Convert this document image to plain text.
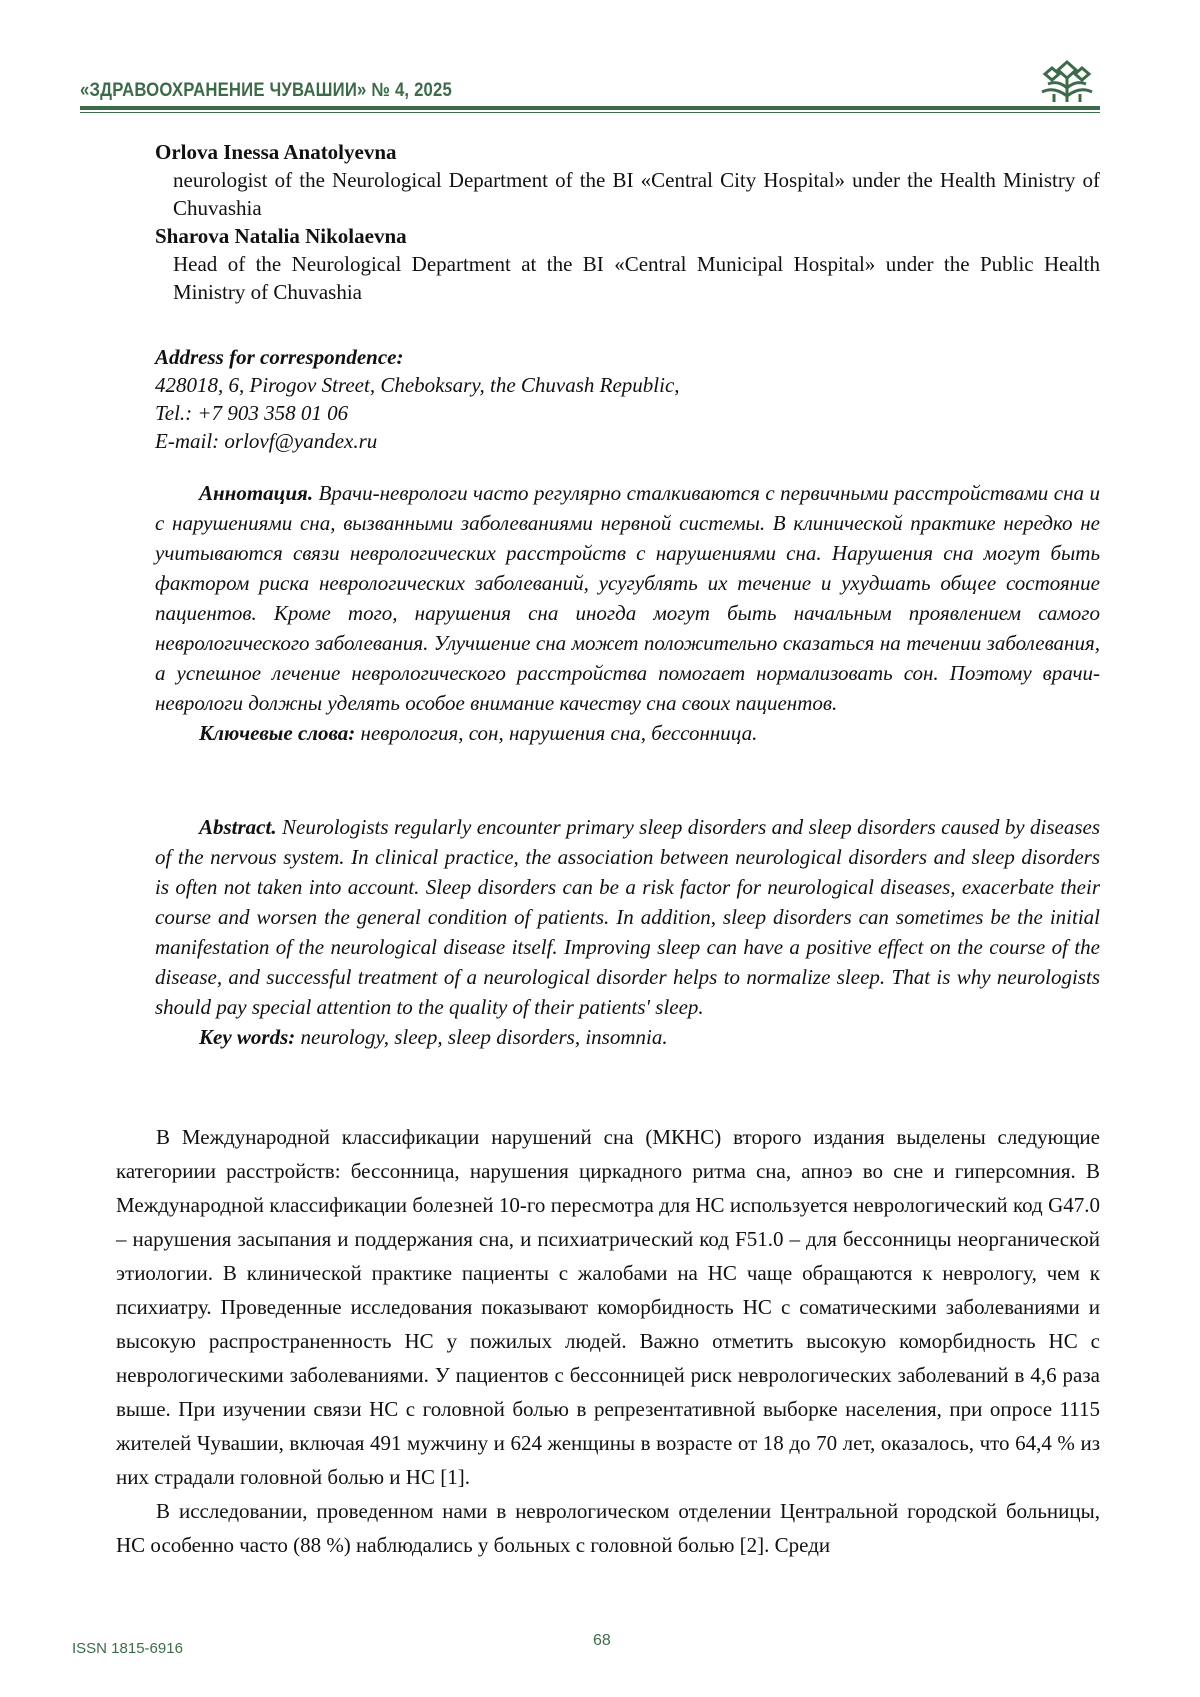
«ЗДРАВООХРАНЕНИЕ ЧУВАШИИ» № 4, 2025
Orlova Inessa Anatolyevna
neurologist of the Neurological Department of the BI «Central City Hospital» under the Health Ministry of Chuvashia
Sharova Natalia Nikolaevna
Head of the Neurological Department at the BI «Central Municipal Hospital» under the Public Health Ministry of Chuvashia
Address for correspondence:
428018, 6, Pirogov Street, Cheboksary, the Chuvash Republic,
Tel.: +7 903 358 01 06
E-mail: orlovf@yandex.ru

Аннотация. Врачи-неврологи часто регулярно сталкиваются с первичными расстройствами сна и с нарушениями сна, вызванными заболеваниями нервной системы. В клинической практике нередко не учитываются связи неврологических расстройств с нарушениями сна. Нарушения сна могут быть фактором риска неврологических заболеваний, усугублять их течение и ухудшать общее состояние пациентов. Кроме того, нарушения сна иногда могут быть начальным проявлением самого неврологического заболевания. Улучшение сна может положительно сказаться на течении заболевания, а успешное лечение неврологического расстройства помогает нормализовать сон. Поэтому врачи-неврологи должны уделять особое внимание качеству сна своих пациентов.

Ключевые слова: неврология, сон, нарушения сна, бессонница.

Abstract. Neurologists regularly encounter primary sleep disorders and sleep disorders caused by diseases of the nervous system. In clinical practice, the association between neurological disorders and sleep disorders is often not taken into account. Sleep disorders can be a risk factor for neurological diseases, exacerbate their course and worsen the general condition of patients. In addition, sleep disorders can sometimes be the initial manifestation of the neurological disease itself. Improving sleep can have a positive effect on the course of the disease, and successful treatment of a neurological disorder helps to normalize sleep. That is why neurologists should pay special attention to the quality of their patients' sleep.

Key words: neurology, sleep, sleep disorders, insomnia.

В Международной классификации нарушений сна (МКНС) второго издания выделены следующие категориии расстройств: бессонница, нарушения циркадного ритма сна, апноэ во сне и гиперсомния. В Международной классификации болезней 10-го пересмотра для НС используется неврологический код G47.0 – нарушения засыпания и поддержания сна, и психиатрический код F51.0 – для бессонницы неорганической этиологии. В клинической практике пациенты с жалобами на НС чаще обращаются к неврологу, чем к психиатру. Проведенные исследования показывают коморбидность НС с соматическими заболеваниями и высокую распространенность НС у пожилых людей. Важно отметить высокую коморбидность НС с неврологическими заболеваниями. У пациентов с бессонницей риск неврологических заболеваний в 4,6 раза выше. При изучении связи НС с головной болью в репрезентативной выборке населения, при опросе 1115 жителей Чувашии, включая 491 мужчину и 624 женщины в возрасте от 18 до 70 лет, оказалось, что 64,4 % из них страдали головной болью и НС [1].

В исследовании, проведенном нами в неврологическом отделении Центральной городской больницы, НС особенно часто (88 %) наблюдались у больных с головной болью [2]. Среди

ISSN 1815-6916	68
